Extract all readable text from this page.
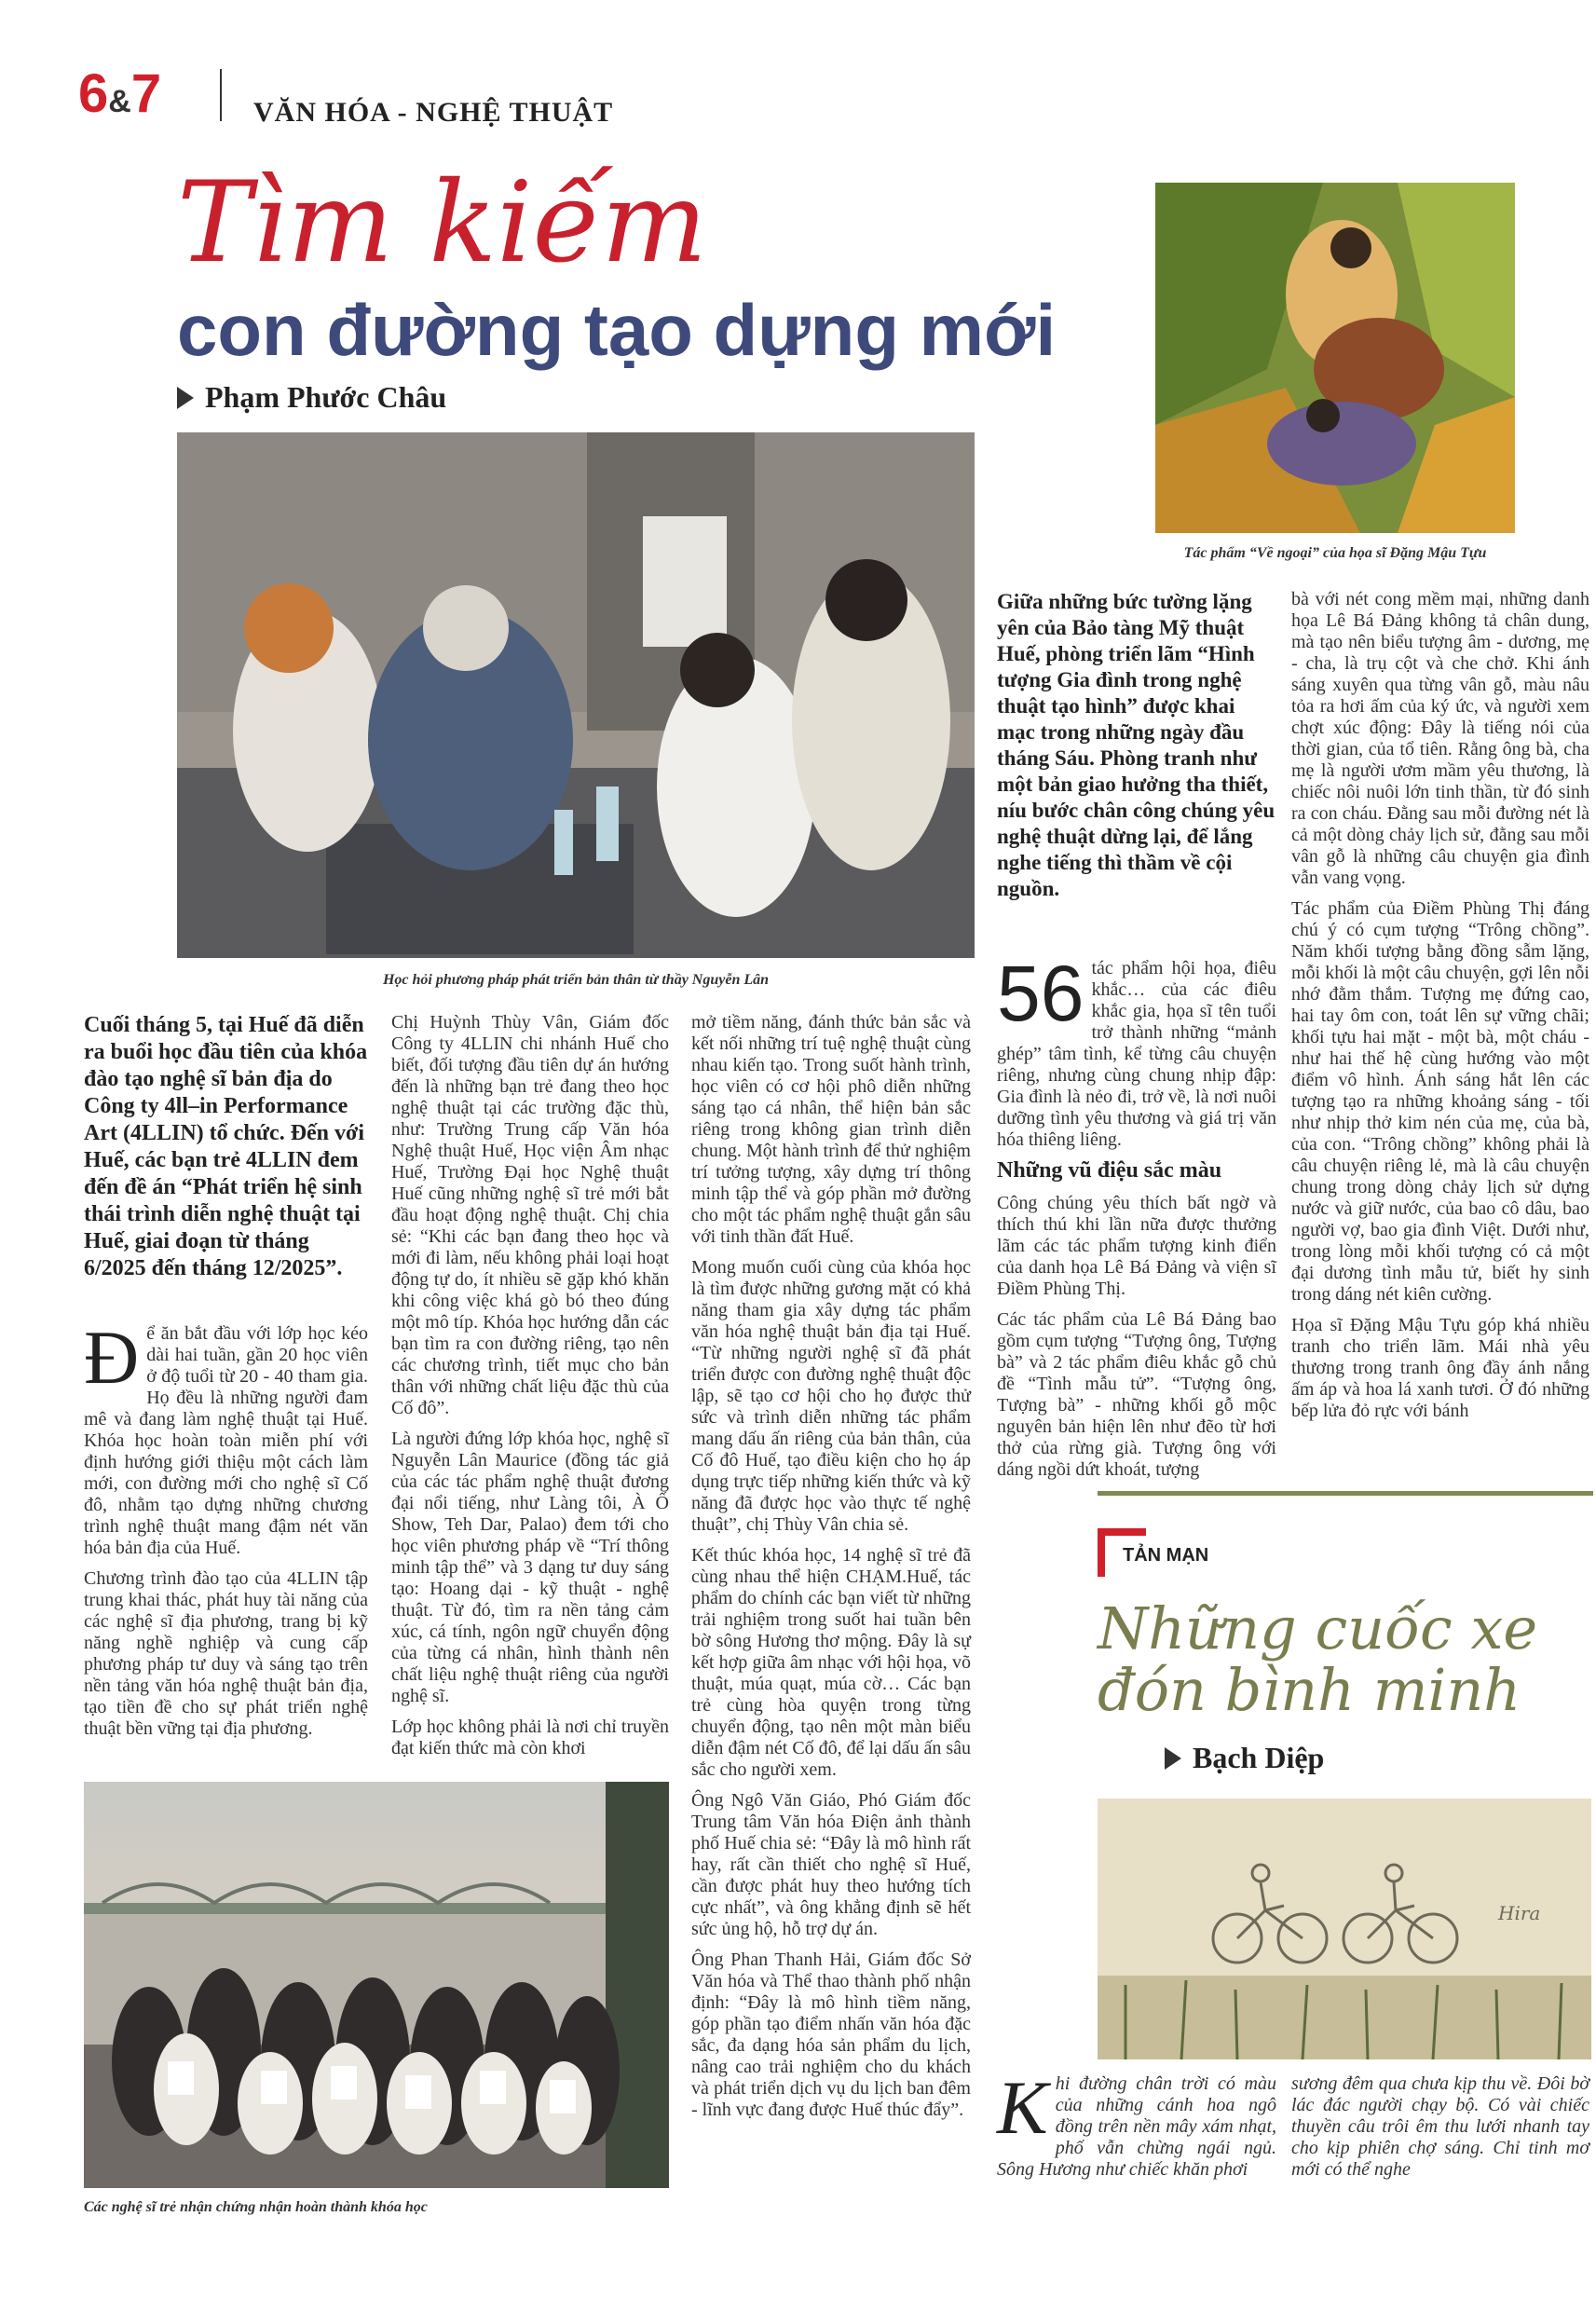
6&7	VĂN HÓA - NGHỆ THUẬT
Tìm kiếm
con đường tạo dựng mới
Phạm Phước Châu
Học hỏi phương pháp phát triển bản thân từ thầy Nguyễn Lân
Cuối tháng 5, tại Huế đã diễn ra buổi học đầu tiên của khóa đào tạo nghệ sĩ bản địa do Công ty 4ll–in Performance Art (4LLIN) tổ chức. Đến với Huế, các bạn trẻ 4LLIN đem đến đề án “Phát triển hệ sinh thái trình diễn nghệ thuật tại Huế, giai đoạn từ tháng 6/2025 đến tháng 12/2025”.

Để ăn bắt đầu với lớp học kéo dài hai tuần, gần 20 học viên ở độ tuổi từ 20 - 40 tham gia. Họ đều là những người đam mê và đang làm nghệ thuật tại Huế. Khóa học hoàn toàn miễn phí với định hướng giới thiệu một cách làm mới, con đường mới cho nghệ sĩ Cố đô, nhằm tạo dựng những chương trình nghệ thuật mang đậm nét văn hóa bản địa của Huế.

Chương trình đào tạo của 4LLIN tập trung khai thác, phát huy tài năng của các nghệ sĩ địa phương, trang bị kỹ năng nghề nghiệp và cung cấp phương pháp tư duy và sáng tạo trên nền tảng văn hóa nghệ thuật bản địa, tạo tiền đề cho sự phát triển nghệ thuật bền vững tại địa phương.

Chị Huỳnh Thùy Vân, Giám đốc Công ty 4LLIN chi nhánh Huế cho biết, đối tượng đầu tiên dự án hướng đến là những bạn trẻ đang theo học nghệ thuật tại các trường đặc thù, như: Trường Trung cấp Văn hóa Nghệ thuật Huế, Học viện Âm nhạc Huế, Trường Đại học Nghệ thuật Huế cũng những nghệ sĩ trẻ mới bắt đầu hoạt động nghệ thuật. Chị chia sẻ: “Khi các bạn đang theo học và mới đi làm, nếu không phải loại hoạt động tự do, ít nhiều sẽ gặp khó khăn khi công việc khá gò bó theo đúng một mô típ. Khóa học hướng dẫn các bạn tìm ra con đường riêng, tạo nên các chương trình, tiết mục cho bản thân với những chất liệu đặc thù của Cố đô”.

Là người đứng lớp khóa học, nghệ sĩ Nguyễn Lân Maurice (đồng tác giả của các tác phẩm nghệ thuật đương đại nổi tiếng, như Làng tôi, À Ố Show, Teh Dar, Palao) đem tới cho học viên phương pháp về “Trí thông minh tập thể” và 3 dạng tư duy sáng tạo: Hoang dại - kỹ thuật - nghệ thuật. Từ đó, tìm ra nền tảng cảm xúc, cá tính, ngôn ngữ chuyển động của từng cá nhân, hình thành nên chất liệu nghệ thuật riêng của người nghệ sĩ.

Lớp học không phải là nơi chỉ truyền đạt kiến thức mà còn khơi

mở tiềm năng, đánh thức bản sắc và kết nối những trí tuệ nghệ thuật cùng nhau kiến tạo. Trong suốt hành trình, học viên có cơ hội phô diễn những sáng tạo cá nhân, thể hiện bản sắc riêng trong không gian trình diễn chung. Một hành trình để thử nghiệm trí tưởng tượng, xây dựng trí thông minh tập thể và góp phần mở đường cho một tác phẩm nghệ thuật gắn sâu với tinh thần đất Huế.

Mong muốn cuối cùng của khóa học là tìm được những gương mặt có khả năng tham gia xây dựng tác phẩm văn hóa nghệ thuật bản địa tại Huế. “Từ những người nghệ sĩ đã phát triển được con đường nghệ thuật độc lập, sẽ tạo cơ hội cho họ được thử sức và trình diễn những tác phẩm mang dấu ấn riêng của bản thân, của Cố đô Huế, tạo điều kiện cho họ áp dụng trực tiếp những kiến thức và kỹ năng đã được học vào thực tế nghệ thuật”, chị Thùy Vân chia sẻ.

Kết thúc khóa học, 14 nghệ sĩ trẻ đã cùng nhau thể hiện CHẠM.Huế, tác phẩm do chính các bạn viết từ những trải nghiệm trong suốt hai tuần bên bờ sông Hương thơ mộng. Đây là sự kết hợp giữa âm nhạc với hội họa, võ thuật, múa quạt, múa cờ… Các bạn trẻ cùng hòa quyện trong từng chuyển động, tạo nên một màn biểu diễn đậm nét Cố đô, để lại dấu ấn sâu sắc cho người xem.

Ông Ngô Văn Giáo, Phó Giám đốc Trung tâm Văn hóa Điện ảnh thành phố Huế chia sẻ: “Đây là mô hình rất hay, rất cần thiết cho nghệ sĩ Huế, cần được phát huy theo hướng tích cực nhất”, và ông khẳng định sẽ hết sức ủng hộ, hỗ trợ dự án.

Ông Phan Thanh Hải, Giám đốc Sở Văn hóa và Thể thao thành phố nhận định: “Đây là mô hình tiềm năng, góp phần tạo điểm nhấn văn hóa đặc sắc, đa dạng hóa sản phẩm du lịch, nâng cao trải nghiệm cho du khách và phát triển dịch vụ du lịch ban đêm - lĩnh vực đang được Huế thúc đẩy”.

Các nghệ sĩ trẻ nhận chứng nhận hoàn thành khóa học
Tác phẩm “Về ngoại” của họa sĩ Đặng Mậu Tựu
Giữa những bức tường lặng yên của Bảo tàng Mỹ thuật Huế, phòng triển lãm “Hình tượng Gia đình trong nghệ thuật tạo hình” được khai mạc trong những ngày đầu tháng Sáu. Phòng tranh như một bản giao hưởng tha thiết, níu bước chân công chúng yêu nghệ thuật dừng lại, để lắng nghe tiếng thì thầm về cội nguồn.

56 tác phẩm hội họa, điêu khắc… của các điêu khắc gia, họa sĩ tên tuổi trở thành những “mảnh ghép” tâm tình, kể từng câu chuyện riêng, nhưng cùng chung nhịp đập: Gia đình là nẻo đi, trở về, là nơi nuôi dưỡng tình yêu thương và giá trị văn hóa thiêng liêng.

Những vũ điệu sắc màu

Công chúng yêu thích bất ngờ và thích thú khi lần nữa được thưởng lãm các tác phẩm tượng kinh điển của danh họa Lê Bá Đảng và viện sĩ Điềm Phùng Thị.

Các tác phẩm của Lê Bá Đảng bao gồm cụm tượng “Tượng ông, Tượng bà” và 2 tác phẩm điêu khắc gỗ chủ đề “Tình mẫu tử”. “Tượng ông, Tượng bà” - những khối gỗ mộc nguyên bản hiện lên như đẽo từ hơi thở của rừng già. Tượng ông với dáng ngồi dứt khoát, tượng

bà với nét cong mềm mại, những danh họa Lê Bá Đảng không tả chân dung, mà tạo nên biểu tượng âm - dương, mẹ - cha, là trụ cột và che chở. Khi ánh sáng xuyên qua từng vân gỗ, màu nâu tỏa ra hơi ấm của ký ức, và người xem chợt xúc động: Đây là tiếng nói của thời gian, của tổ tiên. Rằng ông bà, cha mẹ là người ươm mầm yêu thương, là chiếc nôi nuôi lớn tinh thần, từ đó sinh ra con cháu. Đằng sau mỗi đường nét là cả một dòng chảy lịch sử, đằng sau mỗi vân gỗ là những câu chuyện gia đình vẫn vang vọng.

Tác phẩm của Điềm Phùng Thị đáng chú ý có cụm tượng “Trông chồng”. Năm khối tượng bằng đồng sẫm lặng, mỗi khối là một câu chuyện, gợi lên nỗi nhớ đằm thắm. Tượng mẹ đứng cao, hai tay ôm con, toát lên sự vững chãi; khối tựu hai mặt - một bà, một cháu - như hai thế hệ cùng hướng vào một điểm vô hình. Ánh sáng hắt lên các tượng tạo ra những khoảng sáng - tối như nhịp thở kim nén của mẹ, của bà, của con. “Trông chồng” không phải là câu chuyện riêng lẻ, mà là câu chuyện chung trong dòng chảy lịch sử dựng nước và giữ nước, của bao cô dâu, bao người vợ, bao gia đình Việt. Dưới như, trong lòng mỗi khối tượng có cả một đại dương tình mẫu tử, biết hy sinh trong dáng nét kiên cường.

Họa sĩ Đặng Mậu Tựu góp khá nhiều tranh cho triển lãm. Mái nhà yêu thương trong tranh ông đầy ánh nắng ấm áp và hoa lá xanh tươi. Ở đó những bếp lửa đỏ rực với bánh

TẢN MẠN
Những cuốc xe đón bình minh
Bạch Diệp
Hira

Khi đường chân trời có màu của những cánh hoa ngô đồng trên nền mây xám nhạt, phố vẫn chừng ngái ngủ. Sông Hương như chiếc khăn phơi

sương đêm qua chưa kịp thu về. Đôi bờ lác đác người chạy bộ. Có vài chiếc thuyền câu trôi êm thu lưới nhanh tay cho kịp phiên chợ sáng. Chỉ tinh mơ mới có thể nghe
